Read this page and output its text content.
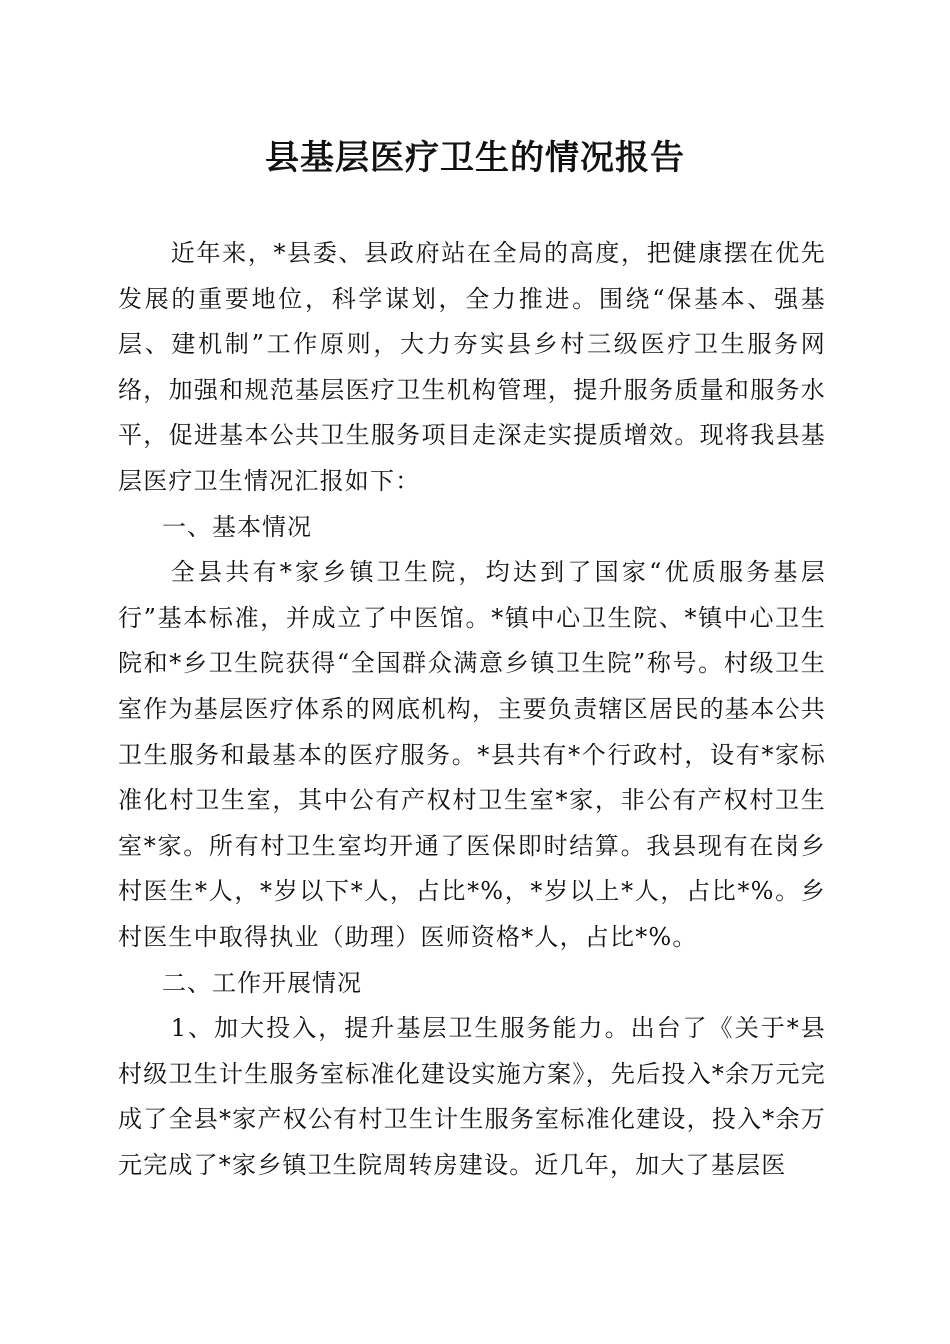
县基层医疗卫生的情况报告

近年来，*县委、县政府站在全局的高度，把健康摆在优先发展的重要地位，科学谋划，全力推进。围绕“保基本、强基层、建机制”工作原则，大力夯实县乡村三级医疗卫生服务网络，加强和规范基层医疗卫生机构管理，提升服务质量和服务水平，促进基本公共卫生服务项目走深走实提质增效。现将我县基层医疗卫生情况汇报如下：

一、基本情况

全县共有*家乡镇卫生院，均达到了国家“优质服务基层行”基本标准，并成立了中医馆。*镇中心卫生院、*镇中心卫生院和*乡卫生院获得“全国群众满意乡镇卫生院”称号。村级卫生室作为基层医疗体系的网底机构，主要负责辖区居民的基本公共卫生服务和最基本的医疗服务。*县共有*个行政村，设有*家标准化村卫生室，其中公有产权村卫生室*家，非公有产权村卫生室*家。所有村卫生室均开通了医保即时结算。我县现有在岗乡村医生*人，*岁以下*人，占比*%，*岁以上*人，占比*%。乡村医生中取得执业（助理）医师资格*人，占比*%。

二、工作开展情况

1、加大投入，提升基层卫生服务能力。出台了《关于*县村级卫生计生服务室标准化建设实施方案》，先后投入*余万元完成了全县*家产权公有村卫生计生服务室标准化建设，投入*余万元完成了*家乡镇卫生院周转房建设。近几年，加大了基层医
